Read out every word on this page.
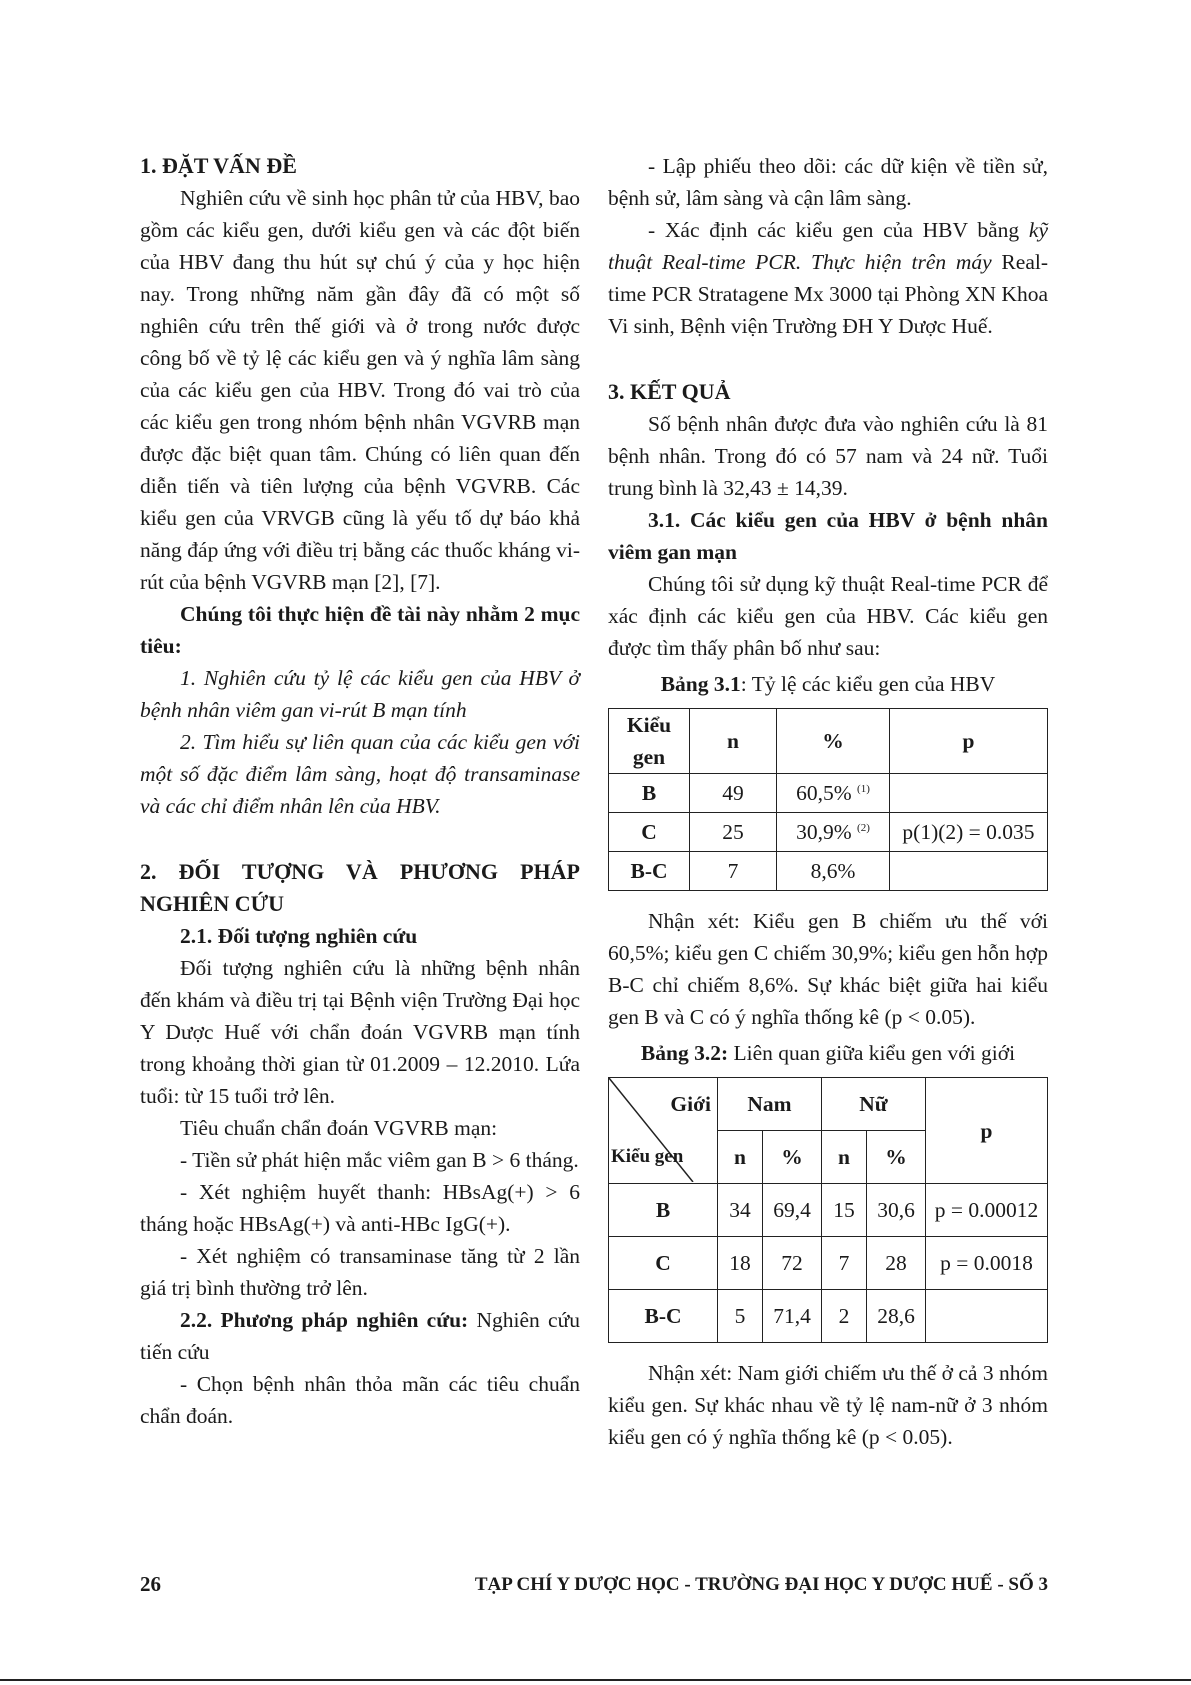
1. ĐẶT VẤN ĐỀ

Nghiên cứu về sinh học phân tử của HBV, bao gồm các kiểu gen, dưới kiểu gen và các đột biến của HBV đang thu hút sự chú ý của y học hiện nay. Trong những năm gần đây đã có một số nghiên cứu trên thế giới và ở trong nước được công bố về tỷ lệ các kiểu gen và ý nghĩa lâm sàng của các kiểu gen của HBV. Trong đó vai trò của các kiểu gen trong nhóm bệnh nhân VGVRB mạn được đặc biệt quan tâm. Chúng có liên quan đến diễn tiến và tiên lượng của bệnh VGVRB. Các kiểu gen của VRVGB cũng là yếu tố dự báo khả năng đáp ứng với điều trị bằng các thuốc kháng vi-rút của bệnh VGVRB mạn [2], [7].

Chúng tôi thực hiện đề tài này nhằm 2 mục tiêu:

1. Nghiên cứu tỷ lệ các kiểu gen của HBV ở bệnh nhân viêm gan vi-rút B mạn tính

2. Tìm hiểu sự liên quan của các kiểu gen với một số đặc điểm lâm sàng, hoạt độ transaminase và các chỉ điểm nhân lên của HBV.

2. ĐỐI TƯỢNG VÀ PHƯƠNG PHÁP NGHIÊN CỨU

2.1. Đối tượng nghiên cứu

Đối tượng nghiên cứu là những bệnh nhân đến khám và điều trị tại Bệnh viện Trường Đại học Y Dược Huế với chẩn đoán VGVRB mạn tính trong khoảng thời gian từ 01.2009 – 12.2010. Lứa tuổi: từ 15 tuổi trở lên.

Tiêu chuẩn chẩn đoán VGVRB mạn:

- Tiền sử phát hiện mắc viêm gan B > 6 tháng.

- Xét nghiệm huyết thanh: HBsAg(+) > 6 tháng hoặc HBsAg(+) và anti-HBc IgG(+).

- Xét nghiệm có transaminase tăng từ 2 lần giá trị bình thường trở lên.

2.2. Phương pháp nghiên cứu: Nghiên cứu tiến cứu

- Chọn bệnh nhân thỏa mãn các tiêu chuẩn chẩn đoán.

- Lập phiếu theo dõi: các dữ kiện về tiền sử, bệnh sử, lâm sàng và cận lâm sàng.

- Xác định các kiểu gen của HBV bằng kỹ thuật Real-time PCR. Thực hiện trên máy Real-time PCR Stratagene Mx 3000 tại Phòng XN Khoa Vi sinh, Bệnh viện Trường ĐH Y Dược Huế.

3. KẾT QUẢ

Số bệnh nhân được đưa vào nghiên cứu là 81 bệnh nhân. Trong đó có 57 nam và 24 nữ. Tuổi trung bình là 32,43 ± 14,39.

3.1. Các kiểu gen của HBV ở bệnh nhân viêm gan mạn

Chúng tôi sử dụng kỹ thuật Real-time PCR để xác định các kiểu gen của HBV. Các kiểu gen được tìm thấy phân bố như sau:

Bảng 3.1: Tỷ lệ các kiểu gen của HBV

Kiểu gen	n	%	p
B	49	60,5% $^{(1)}$	
C	25	30,9% $^{(2)}$	p(1)(2) = 0.035
B-C	7	8,6%	

Nhận xét: Kiểu gen B chiếm ưu thế với 60,5%; kiểu gen C chiếm 30,9%; kiểu gen hỗn hợp B-C chỉ chiếm 8,6%. Sự khác biệt giữa hai kiểu gen B và C có ý nghĩa thống kê (p < 0.05).

Bảng 3.2: Liên quan giữa kiểu gen với giới

Giới
Kiểu gen	Nam		Nữ		p
	n	%	n	%	
B	34	69,4	15	30,6	p = 0.00012
C	18	72	7	28	p = 0.0018
B-C	5	71,4	2	28,6	

Nhận xét: Nam giới chiếm ưu thế ở cả 3 nhóm kiểu gen. Sự khác nhau về tỷ lệ nam-nữ ở 3 nhóm kiểu gen có ý nghĩa thống kê (p < 0.05).

26	TẠP CHÍ Y DƯỢC HỌC - TRƯỜNG ĐẠI HỌC Y DƯỢC HUẾ - SỐ 3
